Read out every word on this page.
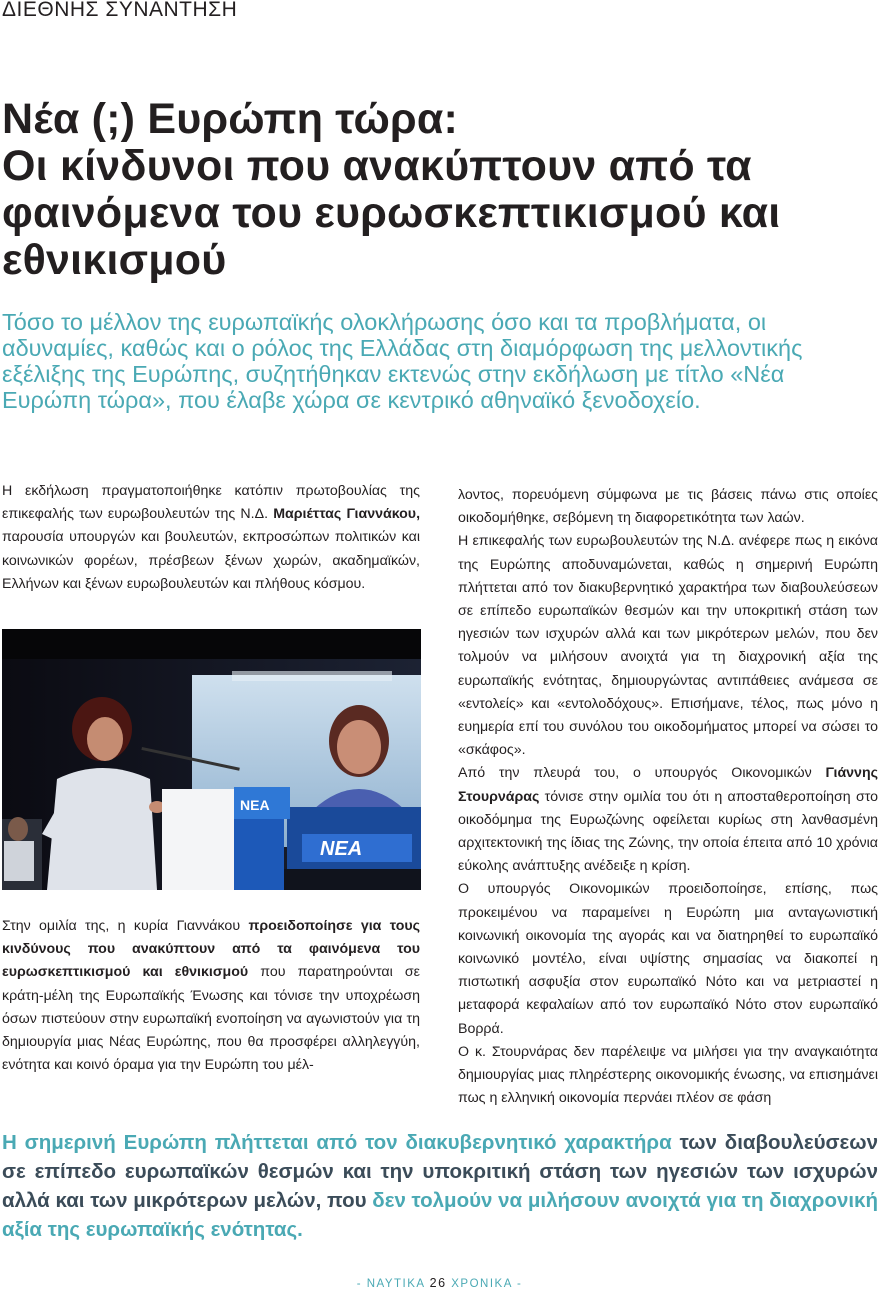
ΔΙΕΘΝΗΣ ΣΥΝΑΝΤΗΣΗ
Νέα (;) Ευρώπη τώρα:
Οι κίνδυνοι που ανακύπτουν από τα
φαινόμενα του ευρωσκεπτικισμού και
εθνικισμού

Τόσο το μέλλον της ευρωπαϊκής ολοκλήρωσης όσο και τα προβλήματα, οι αδυναμίες, καθώς και ο ρόλος της Ελλάδας στη διαμόρφωση της μελλοντικής εξέλιξης της Ευρώπης, συζητήθηκαν εκτενώς στην εκδήλωση με τίτλο «Νέα Ευρώπη τώρα», που έλαβε χώρα σε κεντρικό αθηναϊκό ξενοδοχείο.

Η εκδήλωση πραγματοποιήθηκε κατόπιν πρωτοβουλίας της επικεφαλής των ευρωβουλευτών της Ν.Δ. Μαριέττας Γιαννάκου, παρουσία υπουργών και βουλευτών, εκπροσώπων πολιτικών και κοινωνικών φορέων, πρέσβεων ξένων χωρών, ακαδημαϊκών, Ελλήνων και ξένων ευρωβουλευτών και πλήθους κόσμου.

ΝΕΑ
ΝΕΑ

Στην ομιλία της, η κυρία Γιαννάκου προειδοποίησε για τους κινδύνους που ανακύπτουν από τα φαινόμενα του ευρωσκεπτικισμού και εθνικισμού που παρατηρούνται σε κράτη-μέλη της Ευρωπαϊκής Ένωσης και τόνισε την υποχρέωση όσων πιστεύουν στην ευρωπαϊκή ενοποίηση να αγωνιστούν για τη δημιουργία μιας Νέας Ευρώπης, που θα προσφέρει αλληλεγγύη, ενότητα και κοινό όραμα για την Ευρώπη του μέλ-

λοντος, πορευόμενη σύμφωνα με τις βάσεις πάνω στις οποίες οικοδομήθηκε, σεβόμενη τη διαφορετικότητα των λαών.

Η επικεφαλής των ευρωβουλευτών της Ν.Δ. ανέφερε πως η εικόνα της Ευρώπης αποδυναμώνεται, καθώς η σημερινή Ευρώπη πλήττεται από τον διακυβερνητικό χαρακτήρα των διαβουλεύσεων σε επίπεδο ευρωπαϊκών θεσμών και την υποκριτική στάση των ηγεσιών των ισχυρών αλλά και των μικρότερων μελών, που δεν τολμούν να μιλήσουν ανοιχτά για τη διαχρονική αξία της ευρωπαϊκής ενότητας, δημιουργώντας αντιπάθειες ανάμεσα σε «εντολείς» και «εντολοδόχους». Επισήμανε, τέλος, πως μόνο η ευημερία επί του συνόλου του οικοδομήματος μπορεί να σώσει το «σκάφος».

Από την πλευρά του, ο υπουργός Οικονομικών Γιάννης Στουρνάρας τόνισε στην ομιλία του ότι η αποσταθεροποίηση στο οικοδόμημα της Ευρωζώνης οφείλεται κυρίως στη λανθασμένη αρχιτεκτονική της ίδιας της Ζώνης, την οποία έπειτα από 10 χρόνια εύκολης ανάπτυξης ανέδειξε η κρίση.

Ο υπουργός Οικονομικών προειδοποίησε, επίσης, πως προκειμένου να παραμείνει η Ευρώπη μια ανταγωνιστική κοινωνική οικονομία της αγοράς και να διατηρηθεί το ευρωπαϊκό κοινωνικό μοντέλο, είναι υψίστης σημασίας να διακοπεί η πιστωτική ασφυξία στον ευρωπαϊκό Νότο και να μετριαστεί η μεταφορά κεφαλαίων από τον ευρωπαϊκό Νότο στον ευρωπαϊκό Βορρά.

Ο κ. Στουρνάρας δεν παρέλειψε να μιλήσει για την αναγκαιότητα δημιουργίας μιας πληρέστερης οικονομικής ένωσης, να επισημάνει πως η ελληνική οικονομία περνάει πλέον σε φάση

Η σημερινή Ευρώπη πλήττεται από τον διακυβερνητικό χαρακτήρα των διαβουλεύσεων σε επίπεδο ευρωπαϊκών θεσμών και την υποκριτική στάση των ηγεσιών των ισχυρών αλλά και των μικρότερων μελών, που δεν τολμούν να μιλήσουν ανοιχτά για τη διαχρονική αξία της ευρωπαϊκής ενότητας.

- ΝΑΥΤΙΚΑ 26 ΧΡΟΝΙΚΑ -
